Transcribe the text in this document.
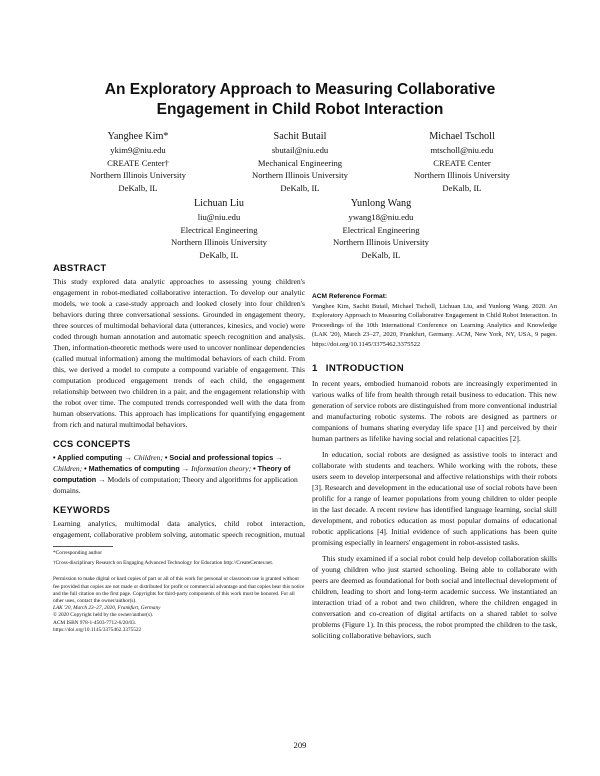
An Exploratory Approach to Measuring Collaborative
Engagement in Child Robot Interaction
Yanghee Kim*
ykim9@niu.edu
CREATE Center†
Northern Illinois University
DeKalb, IL
Sachit Butail
sbutail@niu.edu
Mechanical Engineering
Northern Illinois University
DeKalb, IL
Michael Tscholl
mtscholl@niu.edu
CREATE Center
Northern Illinois University
DeKalb, IL
Lichuan Liu
liu@niu.edu
Electrical Engineering
Northern Illinois University
DeKalb, IL
Yunlong Wang
ywang18@niu.edu
Electrical Engineering
Northern Illinois University
DeKalb, IL
ABSTRACT

This study explored data analytic approaches to assessing young children's engagement in robot-mediated collaborative interaction. To develop our analytic models, we took a case-study approach and looked closely into four children's behaviors during three conversational sessions. Grounded in engagement theory, three sources of multimodal behavioral data (utterances, kinesics, and vocie) were coded through human annotation and automatic speech recognition and analysis. Then, information-theoretic methods were used to uncover nonlinear dependencies (called mutual information) among the multimodal behaviors of each child. From this, we derived a model to compute a compound variable of engagement. This computation produced engagement trends of each child, the engagement relationship between two children in a pair, and the engagement relationship with the robot over time. The computed trends corresponded well with the data from human observations. This approach has implications for quantifying engagement from rich and natural multimodal behaviors.

CCS CONCEPTS

• Applied computing → Children; • Social and professional topics → Children; • Mathematics of computing → Information theory; • Theory of computation → Models of computation; Theory and algorithms for application domains.

KEYWORDS

Learning analytics, multimodal data analytics, child robot interaction, engagement, collaborative problem solving, automatic speech recognition, mutual

*Corresponding author

†Cross-disciplinary Research on Engaging Advanced Technology for Education http://CreateCenter.net.

Permission to make digital or hard copies of part or all of this work for personal or classroom use is granted without fee provided that copies are not made or distributed for profit or commercial advantage and that copies bear this notice and the full citation on the first page. Copyrights for third-party components of this work must be honored. For all other uses, contact the owner/author(s).

LAK '20, March 23–27, 2020, Frankfurt, Germany

© 2020 Copyright held by the owner/author(s).

ACM ISBN 978-1-4503-7712-6/20/03.

https://doi.org/10.1145/3375462.3375522

ACM Reference Format:

Yanghee Kim, Sachit Butail, Michael Tscholl, Lichuan Liu, and Yunlong Wang. 2020. An Exploratory Approach to Measuring Collaborative Engagement in Child Robot Interaction. In Proceedings of the 10th International Conference on Learning Analytics and Knowledge (LAK '20), March 23–27, 2020, Frankfurt, Germany. ACM, New York, NY, USA, 9 pages. https://doi.org/10.1145/3375462.3375522

1 INTRODUCTION

In recent years, embodied humanoid robots are increasingly experimented in various walks of life from health through retail business to education. This new generation of service robots are distinguished from more conventional industrial and manufacturing robotic systems. The robots are designed as partners or companions of humans sharing everyday life space [1] and perceived by their human partners as lifelike having social and relational capacities [2].

In education, social robots are designed as assistive tools to interact and collaborate with students and teachers. While working with the robots, these users seem to develop interpersonal and affective relationships with their robots [3]. Research and development in the educational use of social robots have been prolific for a range of learner populations from young children to older people in the last decade. A recent review has identified language learning, social skill development, and robotics education as most popular domains of educational robotic applications [4]. Initial evidence of such applications has been quite promising especially in learners' engagement in robot-assisted tasks.

This study examined if a social robot could help develop collaboration skills of young children who just started schooling. Being able to collaborate with peers are deemed as foundational for both social and intellectual development of children, leading to short and long-term academic success. We instantiated an interaction triad of a robot and two children, where the children engaged in conversation and co-creation of digital artifacts on a shared tablet to solve problems (Figure 1). In this process, the robot prompted the children to the task, soliciting collaborative behaviors, such

209
